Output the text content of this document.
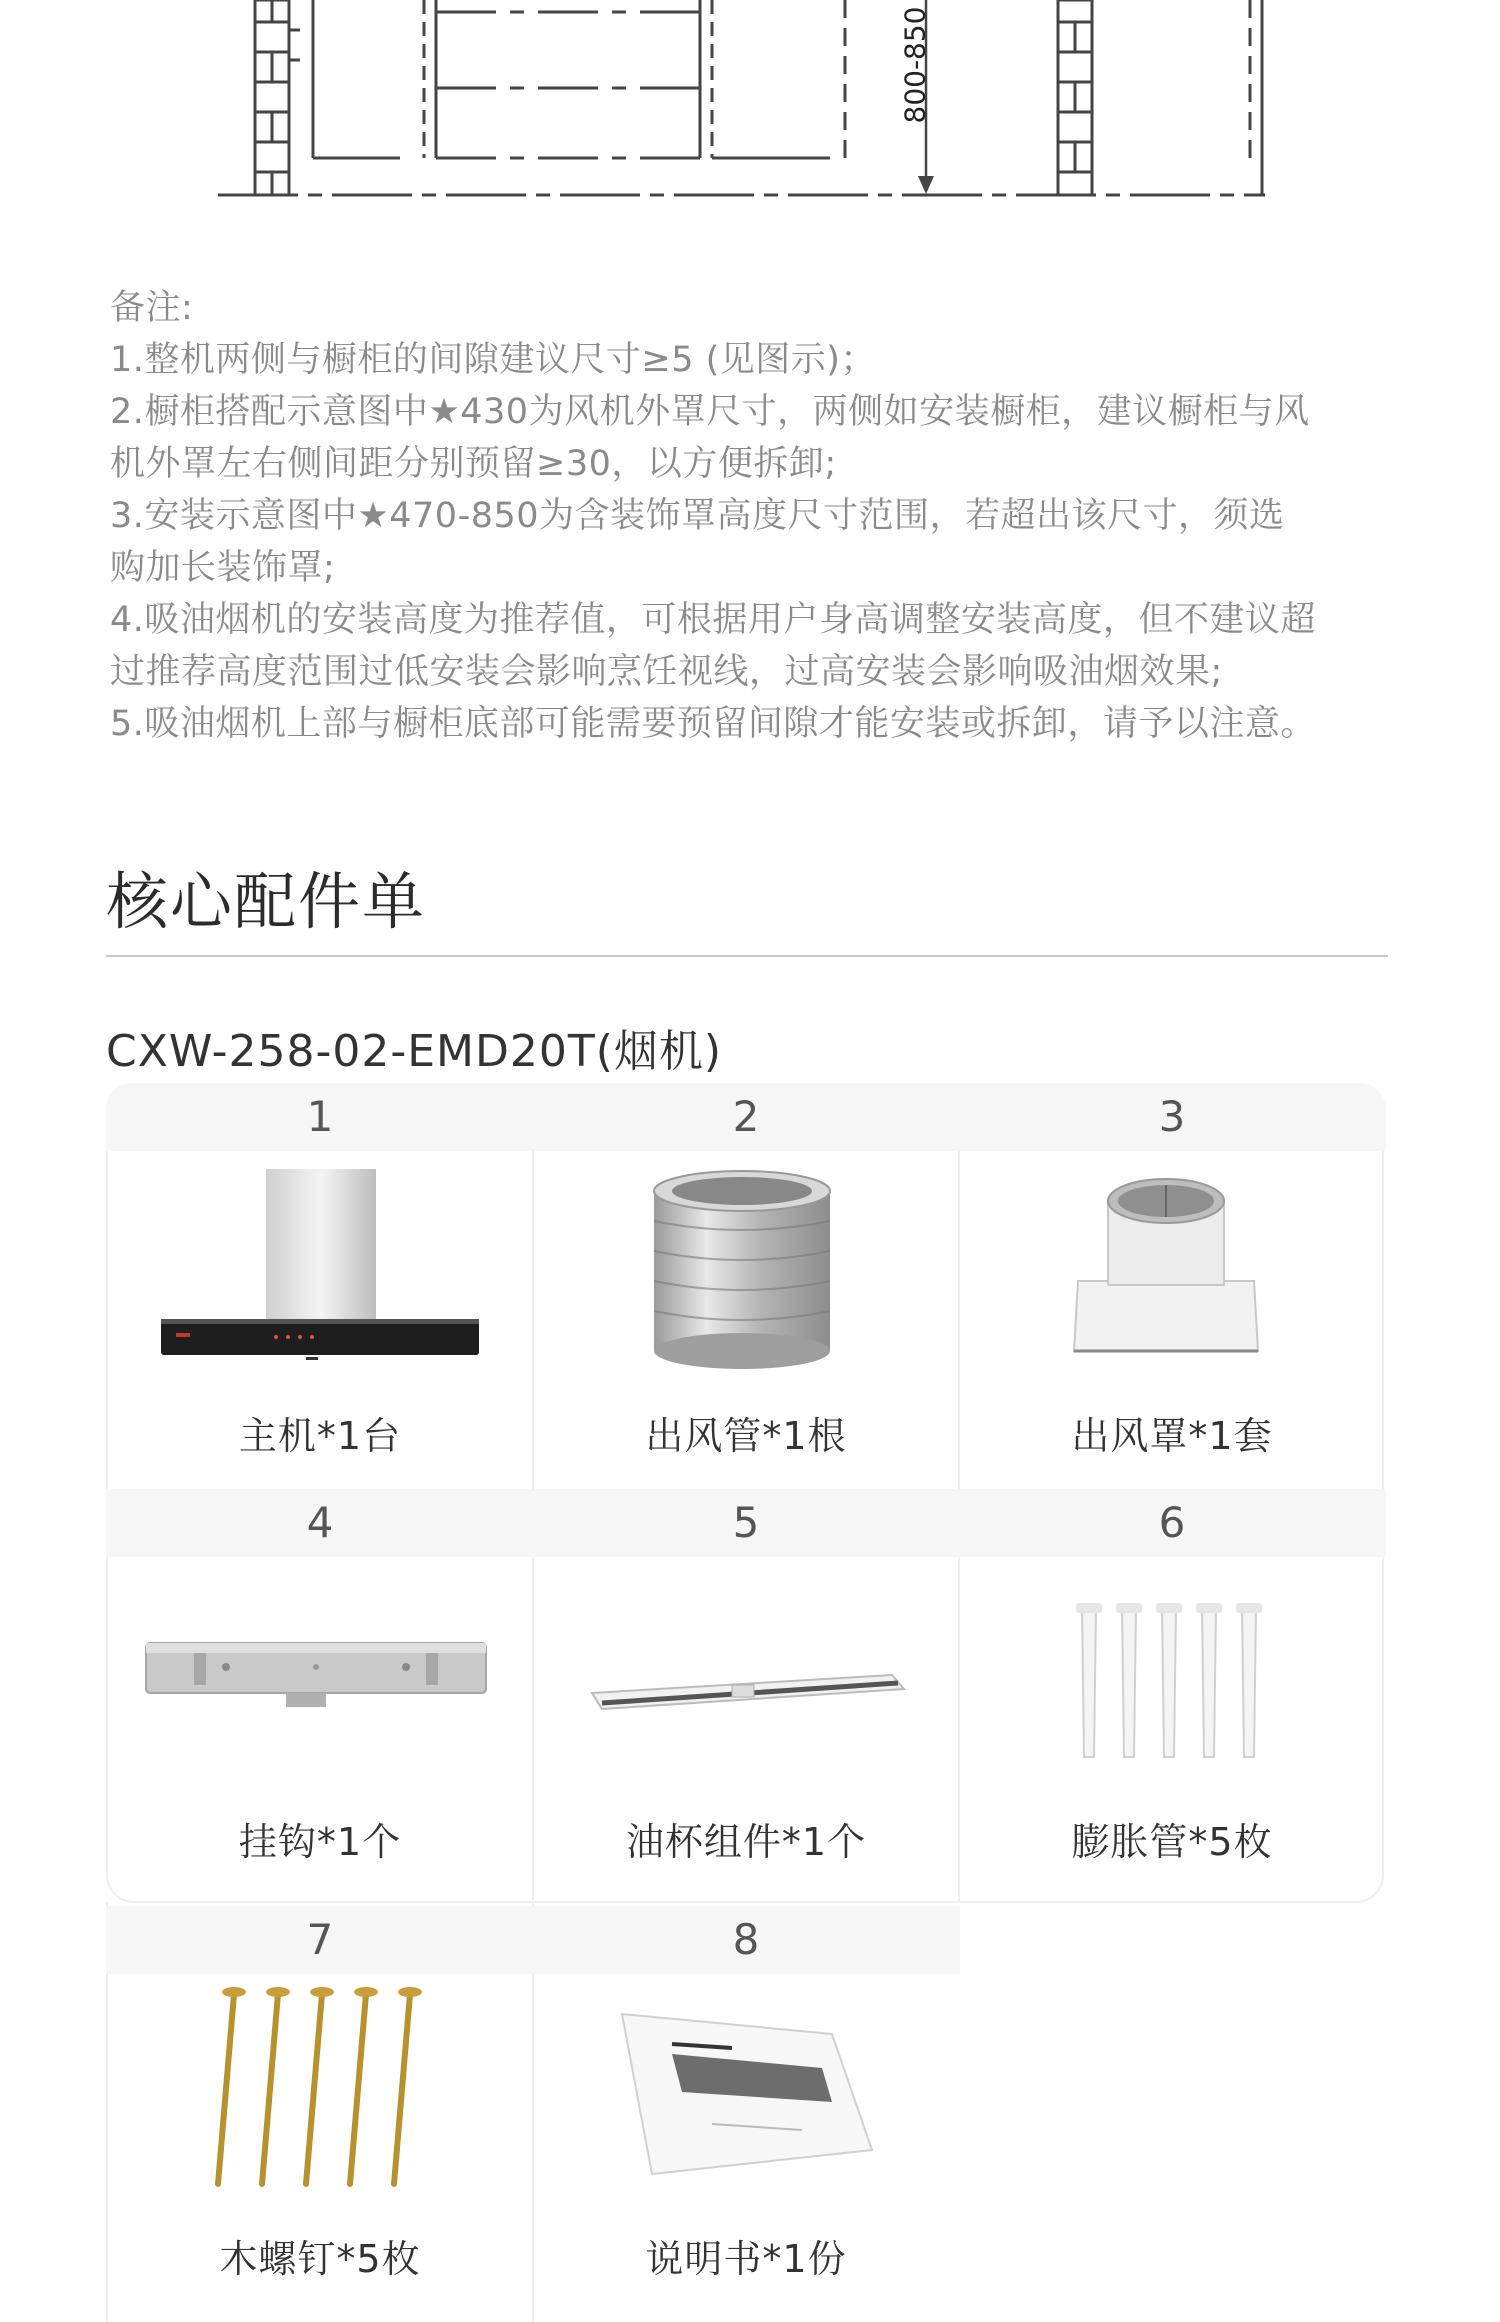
800-850
备注:
1.整机两侧与橱柜的间隙建议尺寸≥5 (见图示)；
2.橱柜搭配示意图中★430为风机外罩尺寸，两侧如安装橱柜，建议橱柜与风
机外罩左右侧间距分别预留≥30，以方便拆卸;
3.安装示意图中★470-850为含装饰罩高度尺寸范围，若超出该尺寸，须选
购加长装饰罩;
4.吸油烟机的安装高度为推荐值，可根据用户身高调整安装高度，但不建议超
过推荐高度范围过低安装会影响烹饪视线，过高安装会影响吸油烟效果;
5.吸油烟机上部与橱柜底部可能需要预留间隙才能安装或拆卸，请予以注意。
核心配件单
CXW-258-02-EMD20T(烟机)
1
主机*1台
2
出风管*1根
3
出风罩*1套
4
挂钩*1个
5
油杯组件*1个
6
膨胀管*5枚
7
木螺钉*5枚
8
说明书*1份
